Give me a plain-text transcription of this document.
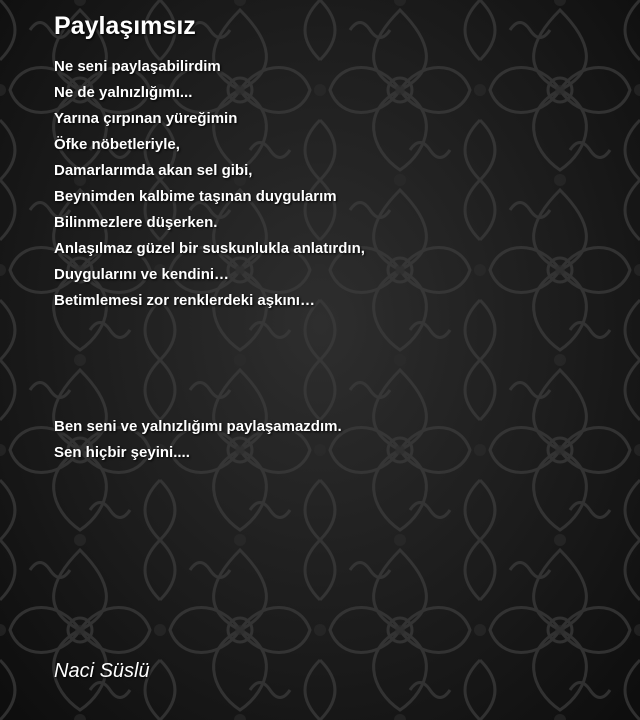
Paylaşımsız
Ne seni paylaşabilirdim
Ne de yalnızlığımı...
Yarına çırpınan yüreğimin
Öfke nöbetleriyle,
Damarlarımda akan sel gibi,
Beynimden kalbime taşınan duygularım
Bilinmezlere düşerken.
Anlaşılmaz güzel bir suskunlukla anlatırdın,
Duygularını ve kendini…
Betimlemesi zor renklerdeki aşkını…
Ben seni ve yalnızlığımı paylaşamazdım.
Sen hiçbir şeyini....
Naci Süslü
